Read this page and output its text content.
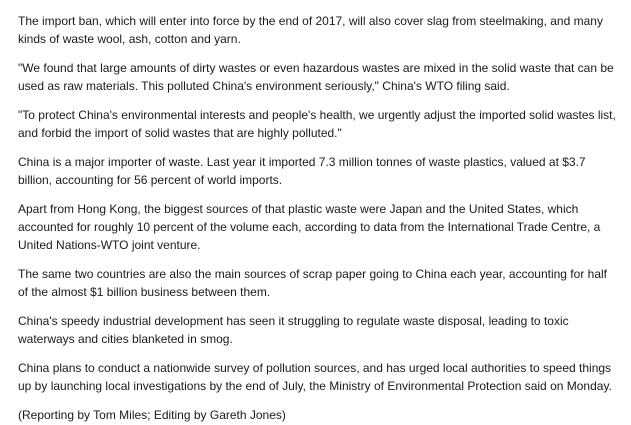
The import ban, which will enter into force by the end of 2017, will also cover slag from steelmaking, and many kinds of waste wool, ash, cotton and yarn.

"We found that large amounts of dirty wastes or even hazardous wastes are mixed in the solid waste that can be used as raw materials. This polluted China's environment seriously," China's WTO filing said.

"To protect China's environmental interests and people's health, we urgently adjust the imported solid wastes list, and forbid the import of solid wastes that are highly polluted."

China is a major importer of waste. Last year it imported 7.3 million tonnes of waste plastics, valued at $3.7 billion, accounting for 56 percent of world imports.

Apart from Hong Kong, the biggest sources of that plastic waste were Japan and the United States, which accounted for roughly 10 percent of the volume each, according to data from the International Trade Centre, a United Nations-WTO joint venture.

The same two countries are also the main sources of scrap paper going to China each year, accounting for half of the almost $1 billion business between them.

China's speedy industrial development has seen it struggling to regulate waste disposal, leading to toxic waterways and cities blanketed in smog.

China plans to conduct a nationwide survey of pollution sources, and has urged local authorities to speed things up by launching local investigations by the end of July, the Ministry of Environmental Protection said on Monday.

(Reporting by Tom Miles; Editing by Gareth Jones)
